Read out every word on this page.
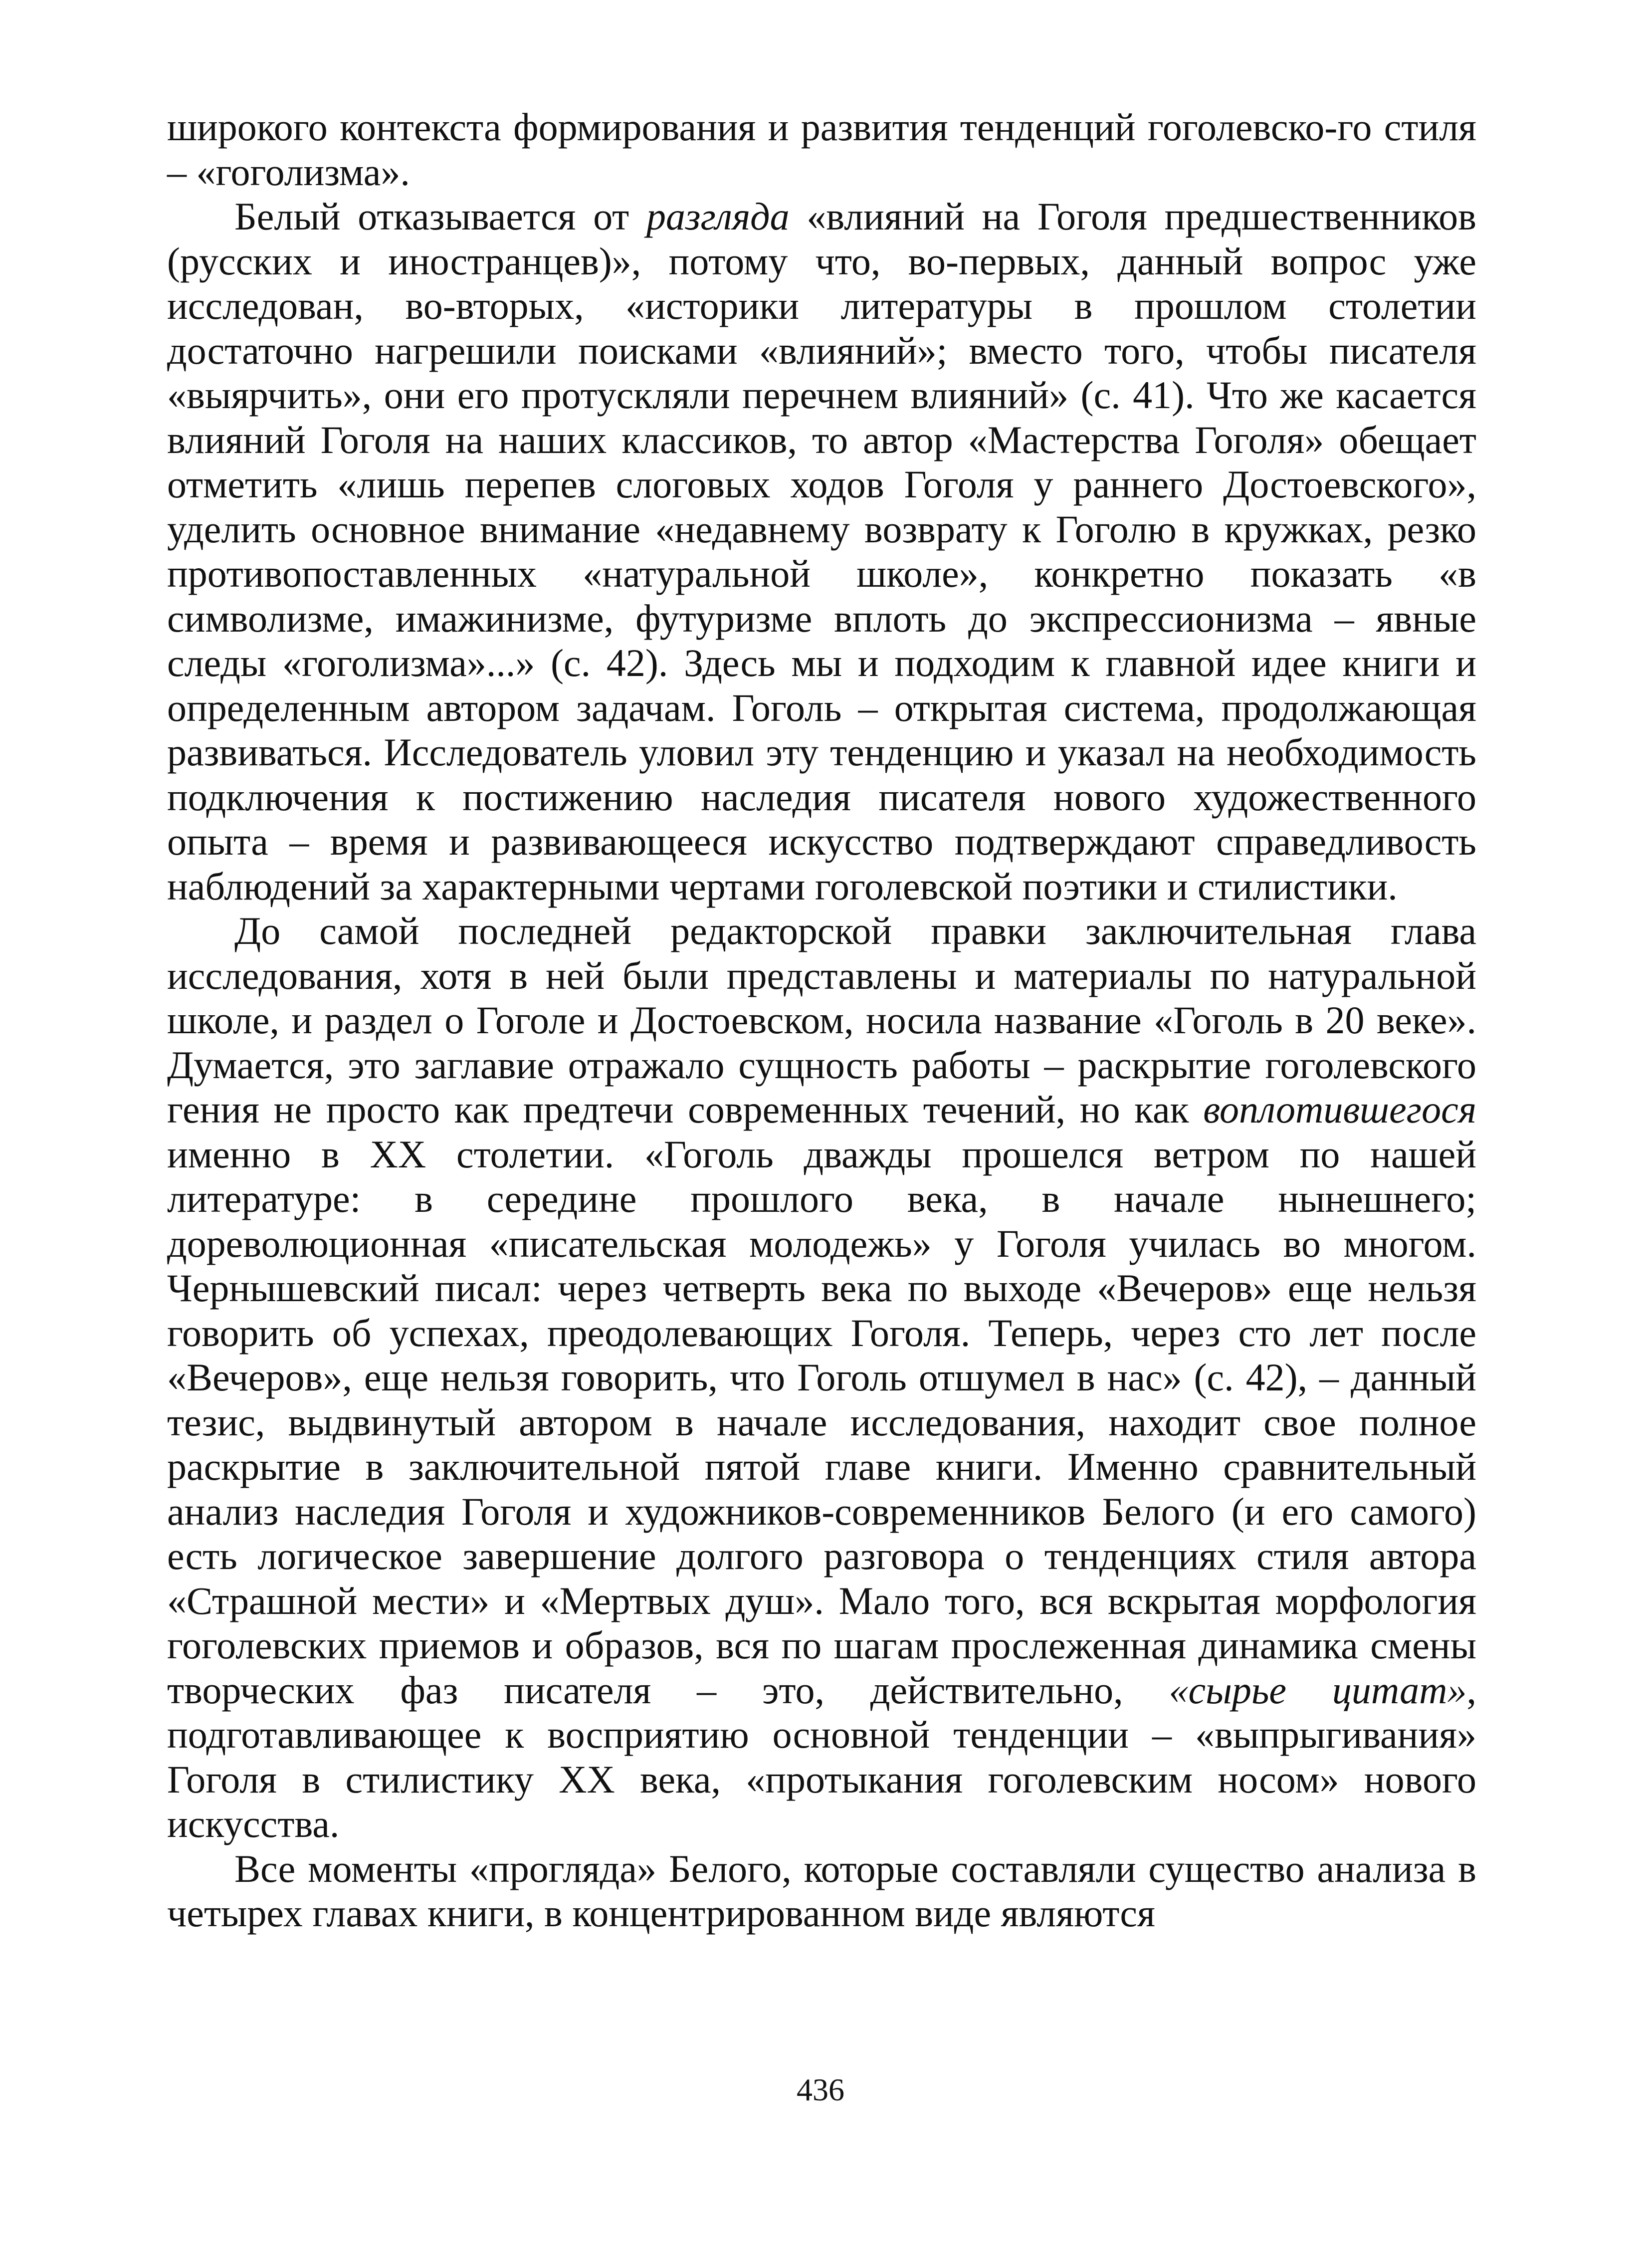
широкого контекста формирования и развития тенденций гоголевско-го стиля – «гоголизма».

Белый отказывается от разгляда «влияний на Гоголя предшественников (русских и иностранцев)», потому что, во-первых, данный вопрос уже исследован, во-вторых, «историки литературы в прошлом столетии достаточно нагрешили поисками «влияний»; вместо того, чтобы писателя «выярчить», они его протускляли перечнем влияний» (с. 41). Что же касается влияний Гоголя на наших классиков, то автор «Мастерства Гоголя» обещает отметить «лишь перепев слоговых ходов Гоголя у раннего Достоевского», уделить основное внимание «недавнему возврату к Гоголю в кружках, резко противопоставленных «натуральной школе», конкретно показать «в символизме, имажинизме, футуризме вплоть до экспрессионизма – явные следы «гоголизма»...» (с. 42). Здесь мы и подходим к главной идее книги и определенным автором задачам. Гоголь – открытая система, продолжающая развиваться. Исследователь уловил эту тенденцию и указал на необходимость подключения к постижению наследия писателя нового художественного опыта – время и развивающееся искусство подтверждают справедливость наблюдений за характерными чертами гоголевской поэтики и стилистики.

До самой последней редакторской правки заключительная глава исследования, хотя в ней были представлены и материалы по натуральной школе, и раздел о Гоголе и Достоевском, носила название «Гоголь в 20 веке». Думается, это заглавие отражало сущность работы – раскрытие гоголевского гения не просто как предтечи современных течений, но как воплотившегося именно в XX столетии. «Гоголь дважды прошелся ветром по нашей литературе: в середине прошлого века, в начале нынешнего; дореволюционная «писательская молодежь» у Гоголя училась во многом. Чернышевский писал: через четверть века по выходе «Вечеров» еще нельзя говорить об успехах, преодолевающих Гоголя. Теперь, через сто лет после «Вечеров», еще нельзя говорить, что Гоголь отшумел в нас» (с. 42), – данный тезис, выдвинутый автором в начале исследования, находит свое полное раскрытие в заключительной пятой главе книги. Именно сравнительный анализ наследия Гоголя и художников-современников Белого (и его самого) есть логическое завершение долгого разговора о тенденциях стиля автора «Страшной мести» и «Мертвых душ». Мало того, вся вскрытая морфология гоголевских приемов и образов, вся по шагам прослеженная динамика смены творческих фаз писателя – это, действительно, «сырье цитат», подготавливающее к восприятию основной тенденции – «выпрыгивания» Гоголя в стилистику XX века, «протыкания гоголевским носом» нового искусства.

Все моменты «прогляда» Белого, которые составляли существо анализа в четырех главах книги, в концентрированном виде являются

436
